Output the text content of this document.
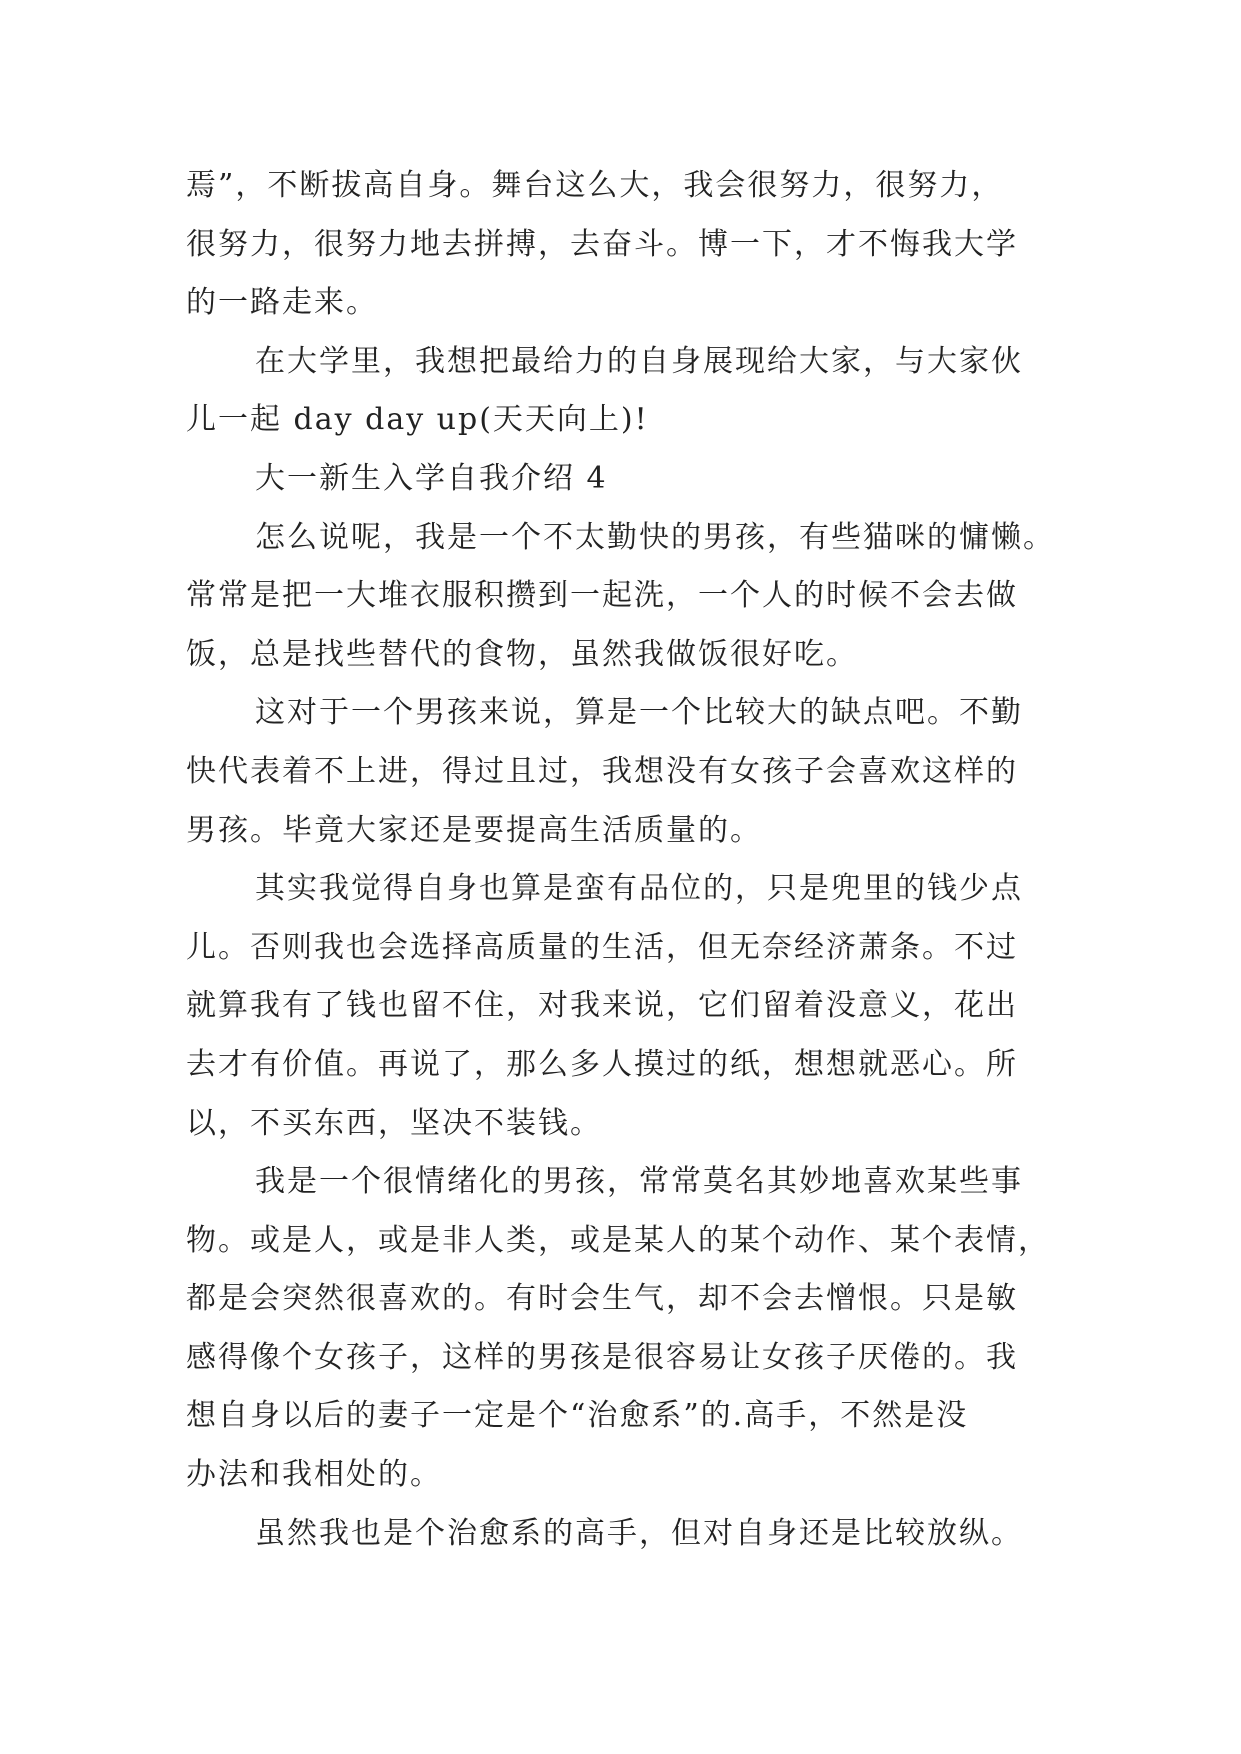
焉”，不断拔高自身。舞台这么大，我会很努力，很努力，
很努力，很努力地去拼搏，去奋斗。博一下，才不悔我大学
的一路走来。
在大学里，我想把最给力的自身展现给大家，与大家伙
儿一起 day day up(天天向上)!
大一新生入学自我介绍 4
怎么说呢，我是一个不太勤快的男孩，有些猫咪的慵懒。
常常是把一大堆衣服积攒到一起洗，一个人的时候不会去做
饭，总是找些替代的食物，虽然我做饭很好吃。
这对于一个男孩来说，算是一个比较大的缺点吧。不勤
快代表着不上进，得过且过，我想没有女孩子会喜欢这样的
男孩。毕竟大家还是要提高生活质量的。
其实我觉得自身也算是蛮有品位的，只是兜里的钱少点
儿。否则我也会选择高质量的生活，但无奈经济萧条。不过
就算我有了钱也留不住，对我来说，它们留着没意义，花出
去才有价值。再说了，那么多人摸过的纸，想想就恶心。所
以，不买东西，坚决不装钱。
我是一个很情绪化的男孩，常常莫名其妙地喜欢某些事
物。或是人，或是非人类，或是某人的某个动作、某个表情，
都是会突然很喜欢的。有时会生气，却不会去憎恨。只是敏
感得像个女孩子，这样的男孩是很容易让女孩子厌倦的。我
想自身以后的妻子一定是个“治愈系”的.高手，不然是没
办法和我相处的。
虽然我也是个治愈系的高手，但对自身还是比较放纵。
